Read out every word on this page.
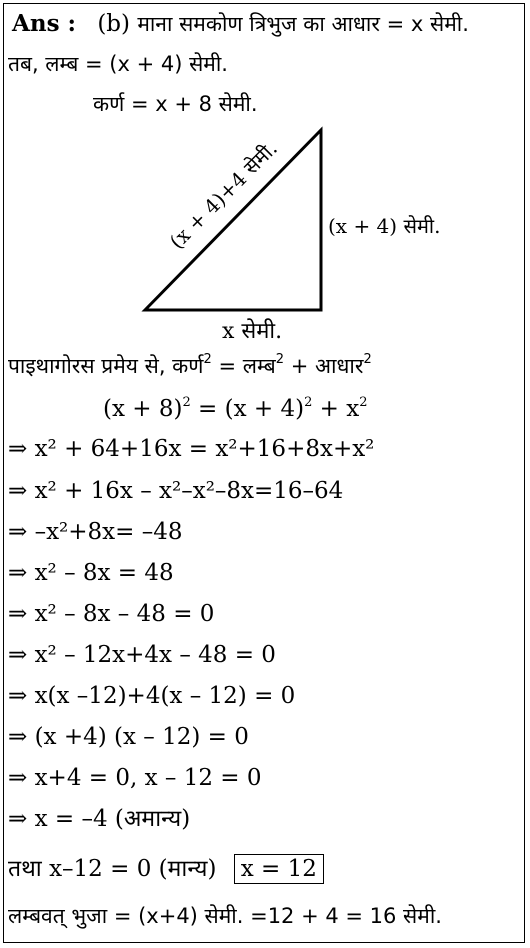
Ans : (b) माना समकोण त्रिभुज का आधार = x सेमी.
तब, लम्ब = (x + 4) सेमी.
कर्ण = x + 8 सेमी.
(x + 4)+4 सेमी. (x + 4) सेमी.
x सेमी.
पाइथागोरस प्रमेय से, कर्ण$^2$ = लम्ब$^2$ + आधार$^2$
$(x + 8)^2 = (x + 4)^2 + x^2$
⇒ x² + 64+16x = x²+16+8x+x²
⇒ x² + 16x – x²–x²–8x=16–64
⇒ –x²+8x= –48
⇒ x² – 8x = 48
⇒ x² – 8x – 48 = 0
⇒ x² – 12x+4x – 48 = 0
⇒ x(x –12)+4(x – 12) = 0
⇒ (x +4) (x – 12) = 0
⇒ x+4 = 0, x – 12 = 0
⇒ x = –4 (अमान्य)
तथा x–12 = 0 (मान्य) x = 12
लम्बवत् भुजा = (x+4) सेमी. =12 + 4 = 16 सेमी.
